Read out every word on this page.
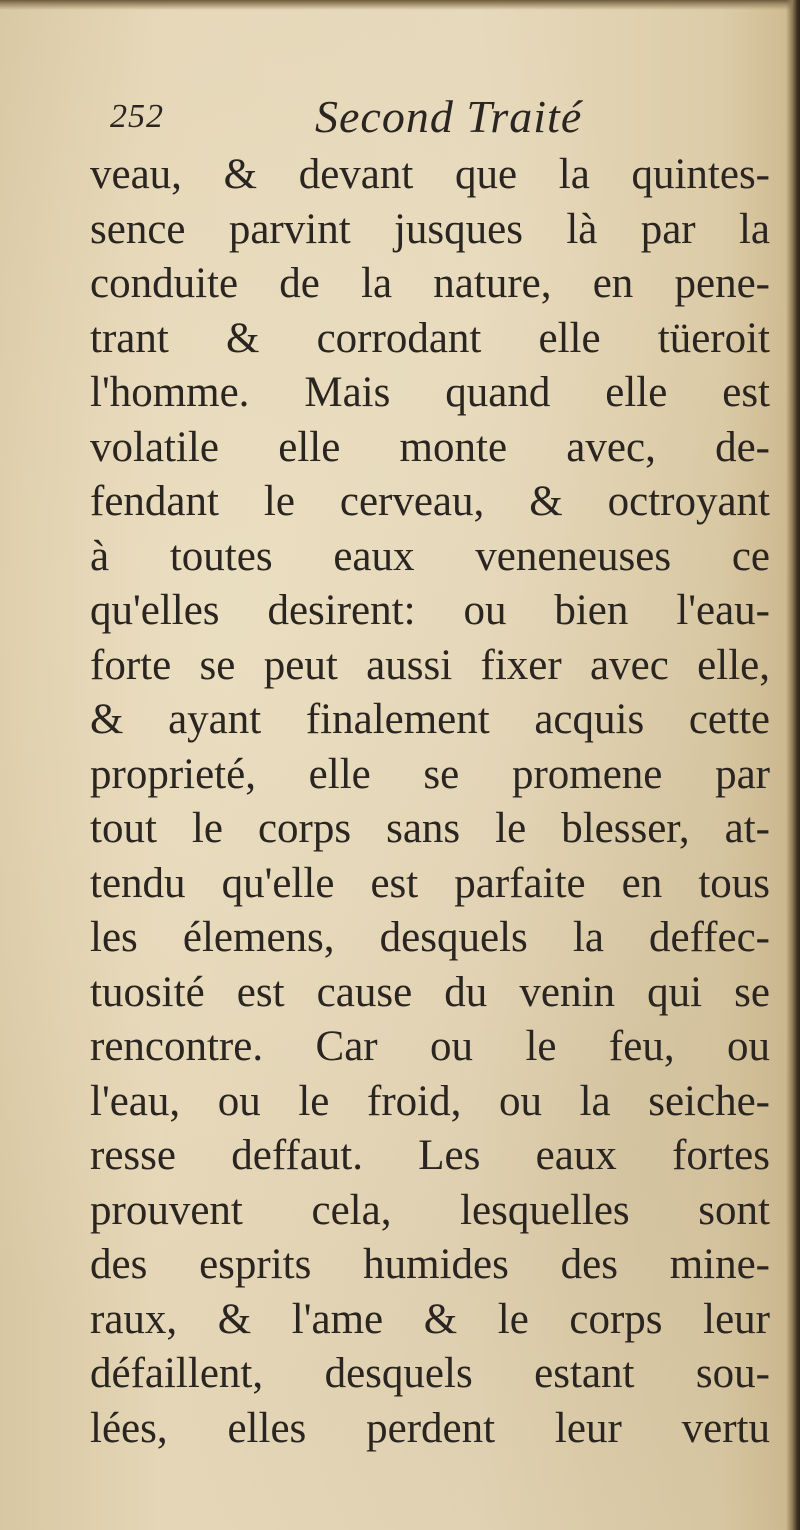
252	Second Traité
veau, & devant que la quintes-
sence parvint jusques là par la
conduite de la nature, en pene-
trant & corrodant elle tüeroit
l'homme. Mais quand elle est
volatile elle monte avec, de-
fendant le cerveau, & octroyant
à toutes eaux veneneuses ce
qu'elles desirent: ou bien l'eau-
forte se peut aussi fixer avec elle,
& ayant finalement acquis cette
proprieté, elle se promene par
tout le corps sans le blesser, at-
tendu qu'elle est parfaite en tous
les élemens, desquels la deffec-
tuosité est cause du venin qui se
rencontre. Car ou le feu, ou
l'eau, ou le froid, ou la seiche-
resse deffaut. Les eaux fortes
prouvent cela, lesquelles sont
des esprits humides des mine-
raux, & l'ame & le corps leur
défaillent, desquels estant sou-
lées, elles perdent leur vertu
